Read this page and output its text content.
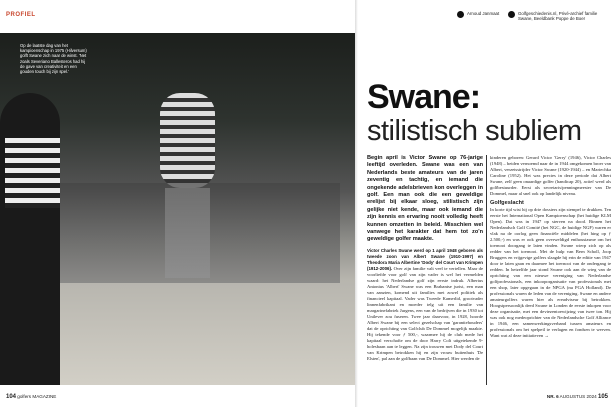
PROFIEL
Op de laatste dag van het kampioenschap in 1975 (Hilversum) golft Swane zich naar de winst. 'Net zoals Severiano Ballesteros had hij de gave van creativiteit en een gouden touch bij zijn spel.'
Arnoud Janmaat	Golfgeschiedenis.nl, Privé-archief familie Swane, Beeldbank Poppe de Boer
Swane:
stilistisch subliem
Begin april is Victor Swane op 76-jarige leeftijd overleden. Swane was een van Nederlands beste amateurs van de jaren zeventig en tachtig, en iemand die ongekende adelsbrieven kon overleggen in golf. Een man ook die een geweldige erelijst bij elkaar sloeg, stilistisch zijn gelijke niet kende, maar ook iemand die zijn kennis en ervaring nooit volledig heeft kunnen omzetten in beleid. Misschien wel vanwege het karakter dat hem tot zo'n geweldige golfer maakte.

Victor Charles Swane werd op 1 april 1948 geboren als tweede zoon van Albert Swane (1910-1997) en Theodora Maria Albertine 'Dody' del Court van Krimpen (1912-2006). Over zijn familie valt veel te vertellen. Maar de voorliefde voor golf van zijn vader is wel het vermelden waard: het Nederlandse golf zijn eerste indruk. Albertus Antonius 'Albert' Swane was een Brabantse jurist, een man van aanzien, komend uit families met zowel politiek als financieel kapitaal. Vader was Tweede Kamerlid, grootvader linnenfabrikant en moeder telg uit een familie van margarinefabriek Jurgens, een van de bedrijven die in 1930 tot Unilever zou fuseren. Twee jaar daarvoor, in 1928, hoorde Albert Swane bij een select gezelschap van 'garantiehouders' dat de oprichting van Golfclub De Dommel mogelijk maakte. Hij tekende voor ƒ 500,-, waarmee hij de club mede het kapitaal verschafte om de door Harry Colt uitgetekende 9-holesbaan aan te leggen. Na zijn trouwen met Dody del Court van Krimpen betrokken hij en zijn vrouw buitenhuis 'De Elsten', pal aan de golfbaan van De Dommel. Hier werden de

kinderen geboren: Gerard Victor 'Gerry' (1946), Victor Charles (1948) – beiden vernoemd naar de in 1944 omgekomen broer van Albert, verzetsstrijder Victor Swane (1920-1944) – en Mariechka Caroline (1952). Het was precies in deze periode dat Albert Swane, zelf geen onaardige golfer (handicap 20), actief werd als golfbestuurder. Eerst als secretaris/penningmeester van De Dommel, maar al snel ook op landelijk niveau.

Golfgeslacht

In korte tijd wist hij op drie dossiers zijn stempel te drukken. Ten eerste het International Open Kampioenschap (het huidige KLM Open). Dat was in 1947 op sterven na dood. Binnen het Nederlandsch Golf Comité (het NGC, de huidige NGF) waren er vlak na de oorlog geen financiële middelen (het hing op ƒ 2.500,-) en was er ook geen overweldigd enthousiasme om het toernooi doorgang te laten vinden. Swane wierp zich op als redder van het toernooi. Met de hulp van Bern Scholl, Joop Bruggers en vrijgevige golfers slaagde hij erin de editie van 1947 door te laten gaan en daarmee het toernooi van de ondergang te redden. In hetzelfde jaar stond Swane ook aan de wieg van de oprichting van een nieuwe vereniging van Nederlandse golfprofessionals, een inkooporganisatie van professionals met een shop, later opgegaan in de NPGA (nu PGA Holland). De professionals waren de leden van de vereniging. Swane en andere amateurgolfers waren hier als ereadviseur bij betrokken. Hoogstpersoonlijk deed Swane in Londen de eerste inkopen voor deze organisatie, met een deviezentoewijzing van twee ton. Hij was ook nog medeoprichter van de Nederlandsche Golf Alliance in 1946, een samenwerkingsverband tussen amateurs en professionals om het spelpeil te verlagen en fondsen te werven. Want wat al deze initiatieven →

104 golfers MAGAZINE	NR. 6 AUGUSTUS 2024 105
